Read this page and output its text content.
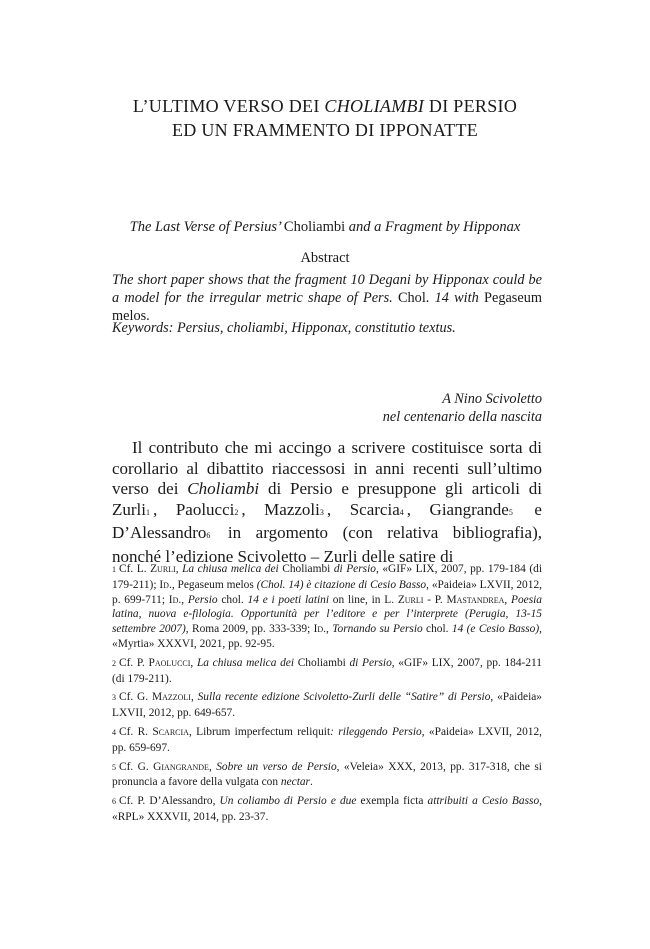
L’ULTIMO VERSO DEI CHOLIAMBI DI PERSIO
ED UN FRAMMENTO DI IPPONATTE
The Last Verse of Persius’ Choliambi and a Fragment by Hipponax
Abstract
The short paper shows that the fragment 10 Degani by Hipponax could be a model for the irregular metric shape of Pers. Chol. 14 with Pegaseum melos.
Keywords: Persius, choliambi, Hipponax, constitutio textus.
A Nino Scivoletto
nel centenario della nascita

Il contributo che mi accingo a scrivere costituisce sorta di corollario al dibattito riaccessosi in anni recenti sull’ultimo verso dei Choliambi di Persio e presuppone gli articoli di Zurli1 , Paolucci2 , Mazzoli3 , Scarcia4 , Giangrande5 e D’Alessandro6 in argomento (con relativa bibliografia), nonché l’edizione Scivoletto – Zurli delle satire di

1 Cf. L. Zurli, La chiusa melica dei Choliambi di Persio, «GIF» LIX, 2007, pp. 179-184 (di 179-211); Id., Pegaseum melos (Chol. 14) è citazione di Cesio Basso, «Paideia» LXVII, 2012, p. 699-711; Id., Persio chol. 14 e i poeti latini on line, in L. Zurli - P. Mastandrea, Poesia latina, nuova e-filologia. Opportunità per l’editore e per l’interprete (Perugia, 13-15 settembre 2007), Roma 2009, pp. 333-339; Id., Tornando su Persio chol. 14 (e Cesio Basso), «Myrtia» XXXVI, 2021, pp. 92-95.

2 Cf. P. Paolucci, La chiusa melica dei Choliambi di Persio, «GIF» LIX, 2007, pp. 184-211 (di 179-211).

3 Cf. G. Mazzoli, Sulla recente edizione Scivoletto-Zurli delle “Satire” di Persio, «Paideia» LXVII, 2012, pp. 649-657.

4 Cf. R. Scarcia, Librum imperfectum reliquit: rileggendo Persio, «Paideia» LXVII, 2012, pp. 659-697.

5 Cf. G. Giangrande, Sobre un verso de Persio, «Veleia» XXX, 2013, pp. 317-318, che si pronuncia a favore della vulgata con nectar.

6 Cf. P. D’Alessandro, Un coliambo di Persio e due exempla ficta attribuiti a Cesio Basso, «RPL» XXXVII, 2014, pp. 23-37.
